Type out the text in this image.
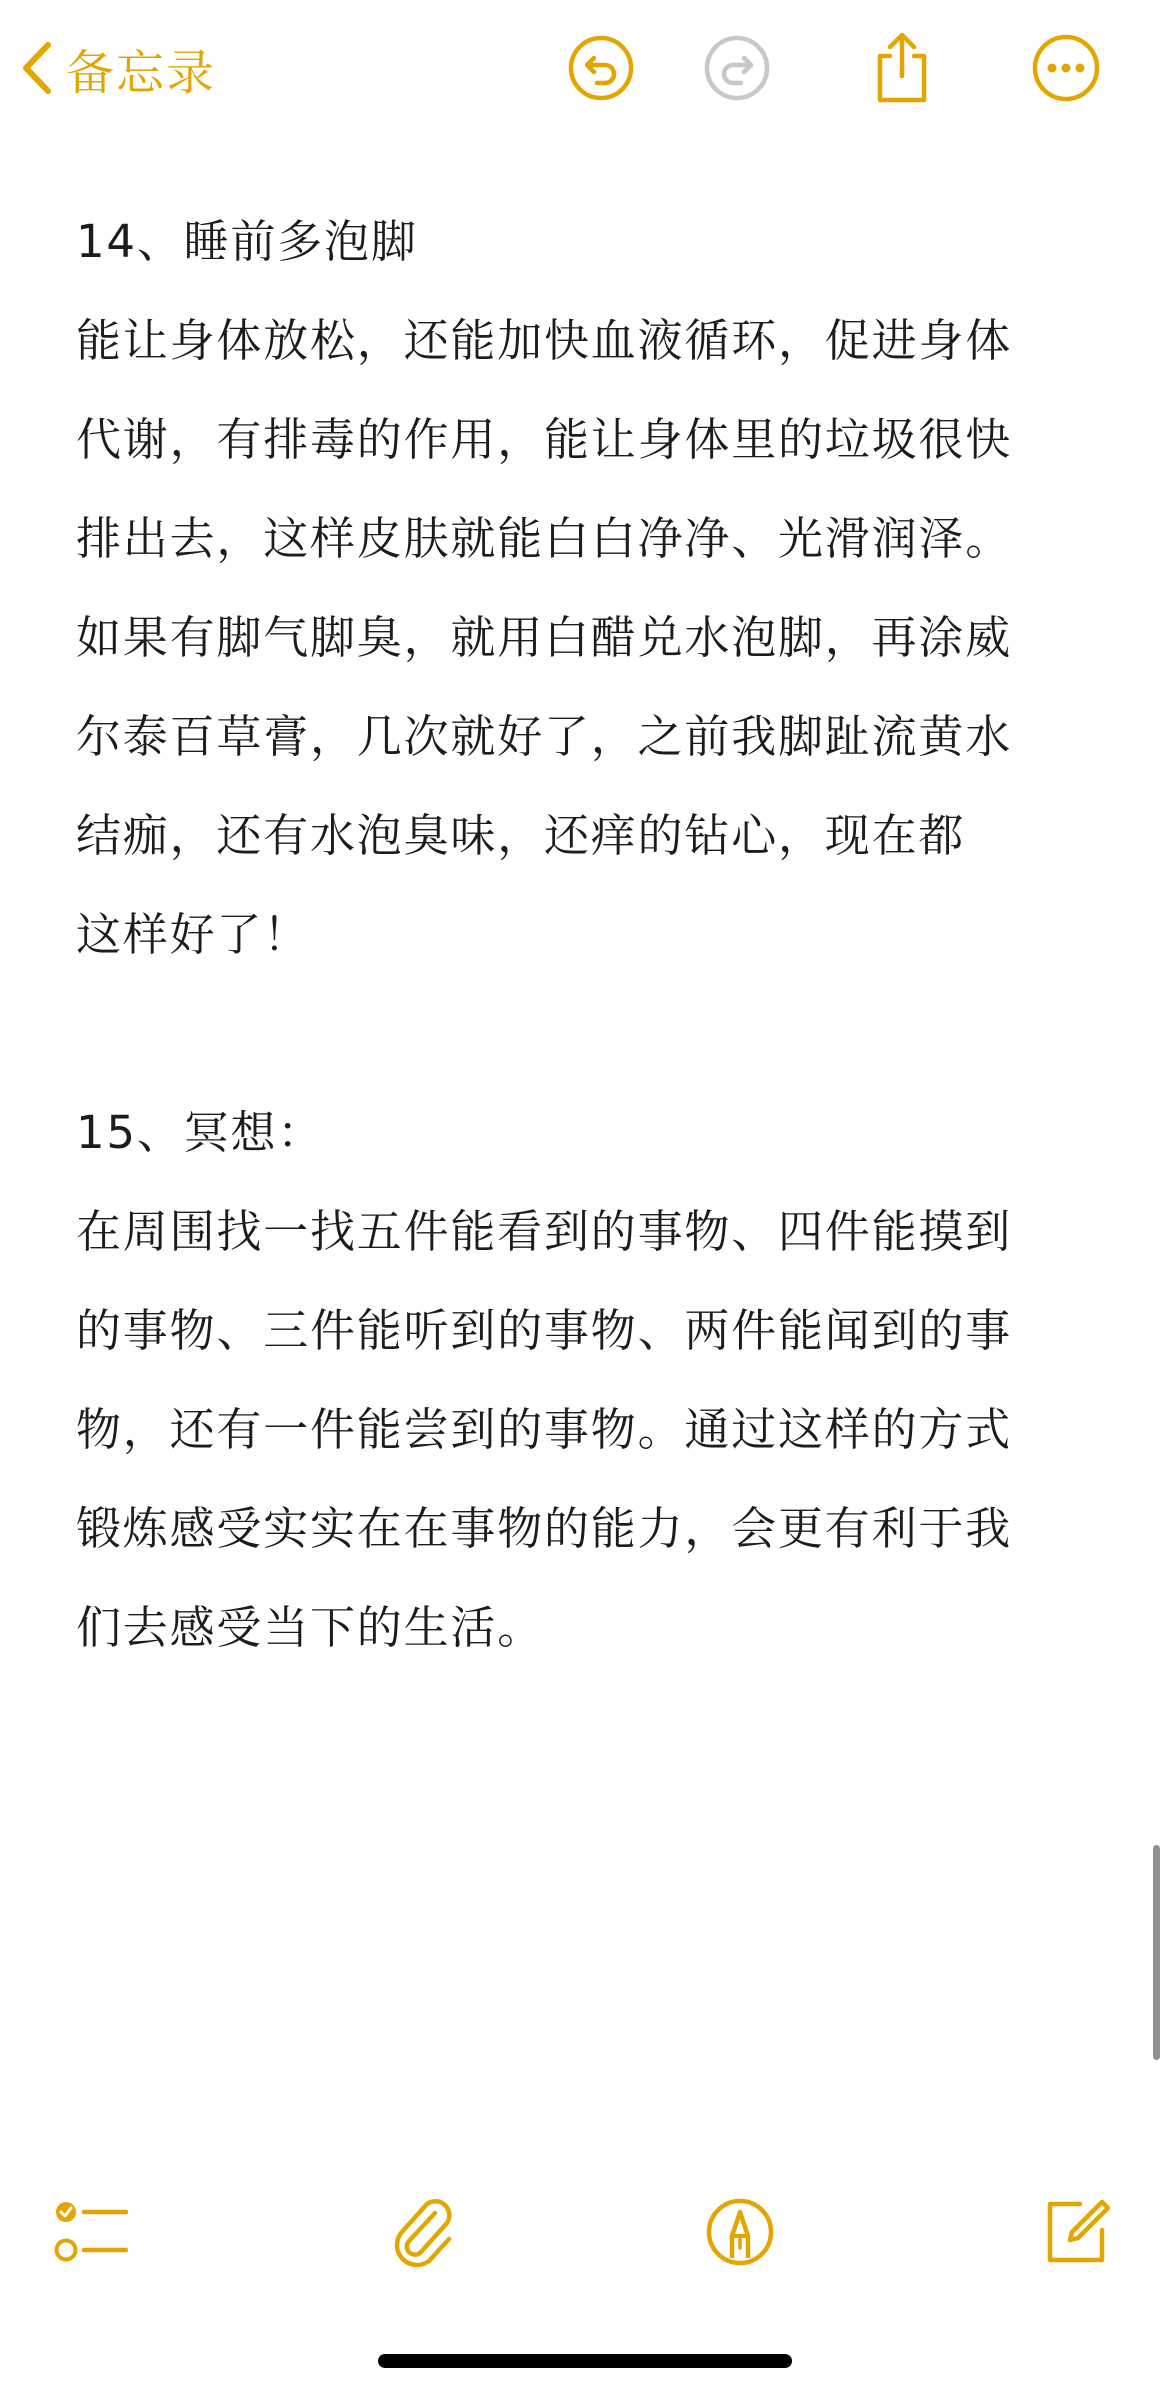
备忘录
14、睡前多泡脚
能让身体放松，还能加快血液循环，促进身体
代谢，有排毒的作用，能让身体里的垃圾很快
排出去，这样皮肤就能白白净净、光滑润泽。
如果有脚气脚臭，就用白醋兑水泡脚，再涂威
尔泰百草膏，几次就好了，之前我脚趾流黄水
结痂，还有水泡臭味，还痒的钻心，现在都
这样好了！
15、冥想：
在周围找一找五件能看到的事物、四件能摸到
的事物、三件能听到的事物、两件能闻到的事
物，还有一件能尝到的事物。通过这样的方式
锻炼感受实实在在事物的能力，会更有利于我
们去感受当下的生活。
